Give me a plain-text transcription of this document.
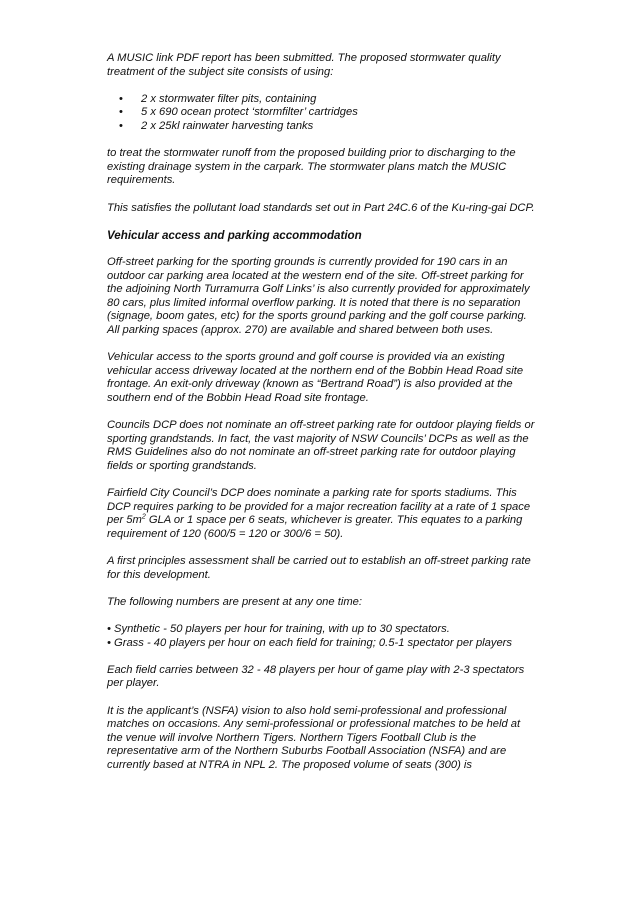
A MUSIC link PDF report has been submitted. The proposed stormwater quality treatment of the subject site consists of using:

• 2 x stormwater filter pits, containing
• 5 x 690 ocean protect ‘stormfilter’ cartridges
• 2 x 25kl rainwater harvesting tanks

to treat the stormwater runoff from the proposed building prior to discharging to the existing drainage system in the carpark. The stormwater plans match the MUSIC requirements.

This satisfies the pollutant load standards set out in Part 24C.6 of the Ku-ring-gai DCP.

Vehicular access and parking accommodation

Off-street parking for the sporting grounds is currently provided for 190 cars in an outdoor car parking area located at the western end of the site. Off-street parking for the adjoining North Turramurra Golf Links’ is also currently provided for approximately 80 cars, plus limited informal overflow parking. It is noted that there is no separation (signage, boom gates, etc) for the sports ground parking and the golf course parking. All parking spaces (approx. 270) are available and shared between both uses.

Vehicular access to the sports ground and golf course is provided via an existing vehicular access driveway located at the northern end of the Bobbin Head Road site frontage. An exit-only driveway (known as “Bertrand Road”) is also provided at the southern end of the Bobbin Head Road site frontage.

Councils DCP does not nominate an off-street parking rate for outdoor playing fields or sporting grandstands. In fact, the vast majority of NSW Councils’ DCPs as well as the RMS Guidelines also do not nominate an off-street parking rate for outdoor playing fields or sporting grandstands.

Fairfield City Council’s DCP does nominate a parking rate for sports stadiums. This DCP requires parking to be provided for a major recreation facility at a rate of 1 space per $5m^2$ GLA or 1 space per 6 seats, whichever is greater. This equates to a parking requirement of 120 (600/5 = 120 or 300/6 = 50).

A first principles assessment shall be carried out to establish an off-street parking rate for this development.

The following numbers are present at any one time:

• Synthetic - 50 players per hour for training, with up to 30 spectators.

• Grass - 40 players per hour on each field for training; 0.5-1 spectator per players

Each field carries between 32 - 48 players per hour of game play with 2-3 spectators per player.

It is the applicant’s (NSFA) vision to also hold semi-professional and professional matches on occasions. Any semi-professional or professional matches to be held at the venue will involve Northern Tigers. Northern Tigers Football Club is the representative arm of the Northern Suburbs Football Association (NSFA) and are currently based at NTRA in NPL 2. The proposed volume of seats (300) is
